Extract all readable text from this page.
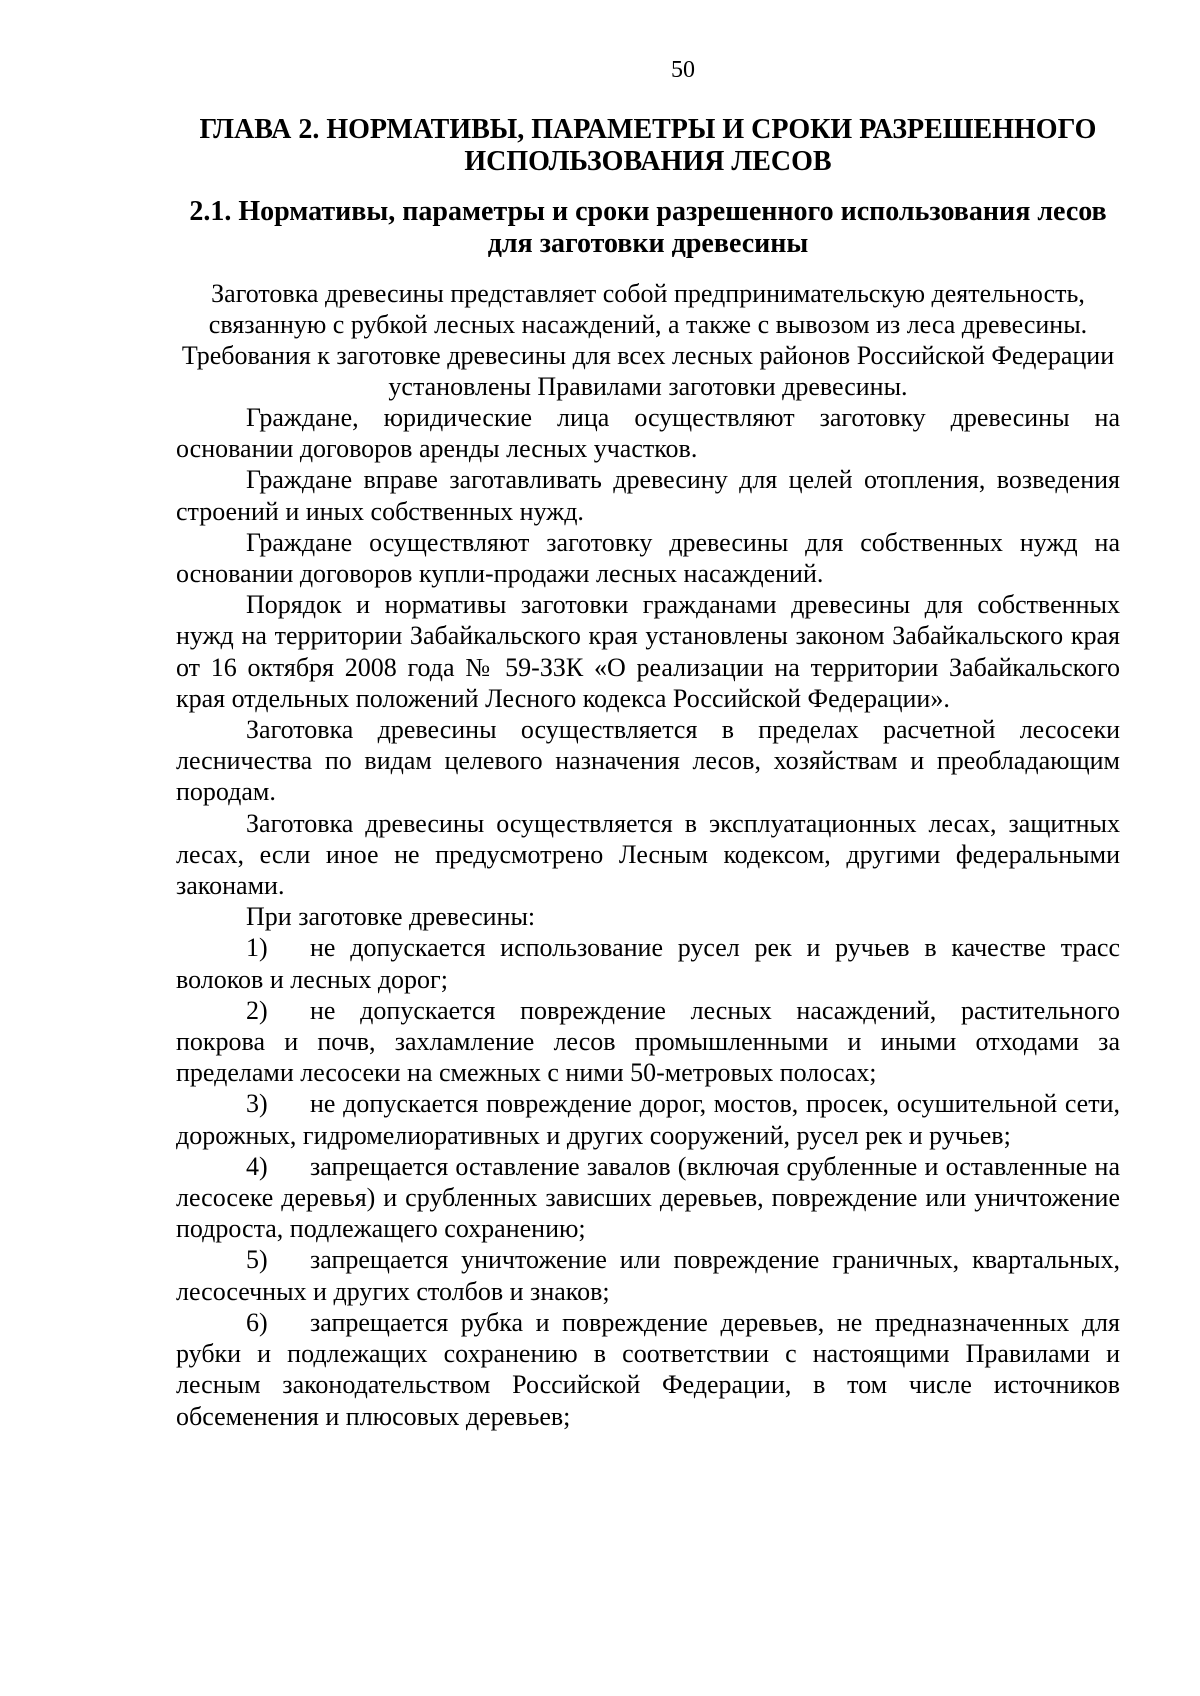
50
ГЛАВА 2. НОРМАТИВЫ, ПАРАМЕТРЫ И СРОКИ РАЗРЕШЕННОГО ИСПОЛЬЗОВАНИЯ ЛЕСОВ
2.1. Нормативы, параметры и сроки разрешенного использования лесов для заготовки древесины

Заготовка древесины представляет собой предпринимательскую деятельность, связанную с рубкой лесных насаждений, а также с вывозом из леса древесины. Требования к заготовке древесины для всех лесных районов Российской Федерации установлены Правилами заготовки древесины.

Граждане, юридические лица осуществляют заготовку древесины на основании договоров аренды лесных участков.

Граждане вправе заготавливать древесину для целей отопления, возведения строений и иных собственных нужд.

Граждане осуществляют заготовку древесины для собственных нужд на основании договоров купли-продажи лесных насаждений.

Порядок и нормативы заготовки гражданами древесины для собственных нужд на территории Забайкальского края установлены законом Забайкальского края от 16 октября 2008 года № 59-ЗЗК «О реализации на территории Забайкальского края отдельных положений Лесного кодекса Российской Федерации».

Заготовка древесины осуществляется в пределах расчетной лесосеки лесничества по видам целевого назначения лесов, хозяйствам и преобладающим породам.

Заготовка древесины осуществляется в эксплуатационных лесах, защитных лесах, если иное не предусмотрено Лесным кодексом, другими федеральными законами.

При заготовке древесины:

1) не допускается использование русел рек и ручьев в качестве трасс волоков и лесных дорог;

2) не допускается повреждение лесных насаждений, растительного покрова и почв, захламление лесов промышленными и иными отходами за пределами лесосеки на смежных с ними 50-метровых полосах;

3) не допускается повреждение дорог, мостов, просек, осушительной сети, дорожных, гидромелиоративных и других сооружений, русел рек и ручьев;

4) запрещается оставление завалов (включая срубленные и оставленные на лесосеке деревья) и срубленных зависших деревьев, повреждение или уничтожение подроста, подлежащего сохранению;

5) запрещается уничтожение или повреждение граничных, квартальных, лесосечных и других столбов и знаков;

6) запрещается рубка и повреждение деревьев, не предназначенных для рубки и подлежащих сохранению в соответствии с настоящими Правилами и лесным законодательством Российской Федерации, в том числе источников обсеменения и плюсовых деревьев;
